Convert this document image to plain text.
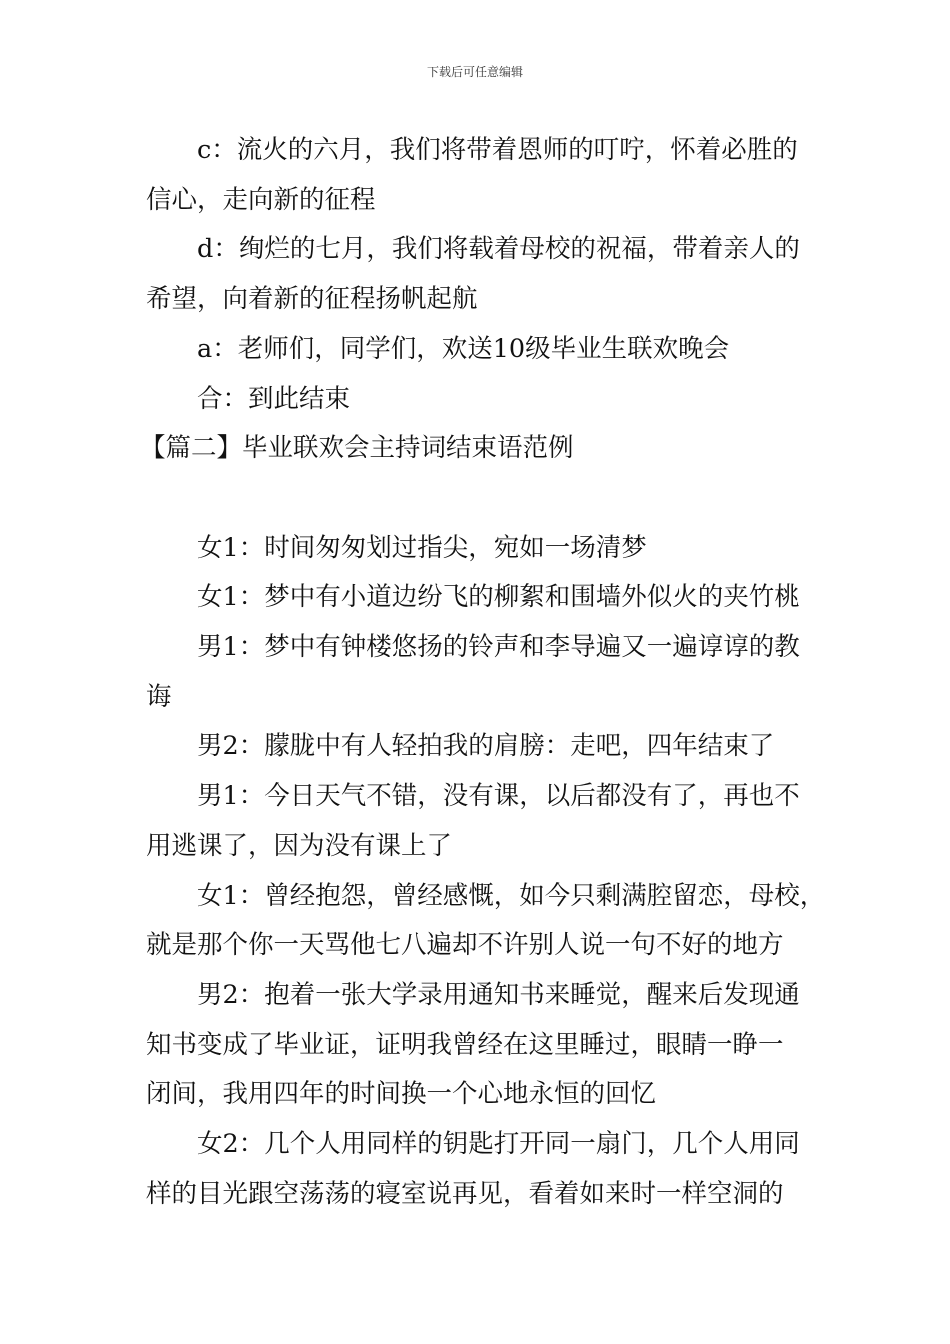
下载后可任意编辑

c：流火的六月，我们将带着恩师的叮咛，怀着必胜的

信心，走向新的征程

d：绚烂的七月，我们将载着母校的祝福，带着亲人的

希望，向着新的征程扬帆起航

a：老师们，同学们，欢送10级毕业生联欢晚会

合：到此结束

【篇二】毕业联欢会主持词结束语范例

女1：时间匆匆划过指尖，宛如一场清梦

女1：梦中有小道边纷飞的柳絮和围墙外似火的夹竹桃

男1：梦中有钟楼悠扬的铃声和李导遍又一遍谆谆的教

诲

男2：朦胧中有人轻拍我的肩膀：走吧，四年结束了

男1：今日天气不错，没有课，以后都没有了，再也不

用逃课了，因为没有课上了

女1：曾经抱怨，曾经感慨，如今只剩满腔留恋，母校，

就是那个你一天骂他七八遍却不许别人说一句不好的地方

男2：抱着一张大学录用通知书来睡觉，醒来后发现通

知书变成了毕业证，证明我曾经在这里睡过，眼睛一睁一

闭间，我用四年的时间换一个心地永恒的回忆

女2：几个人用同样的钥匙打开同一扇门，几个人用同

样的目光跟空荡荡的寝室说再见，看着如来时一样空洞的
